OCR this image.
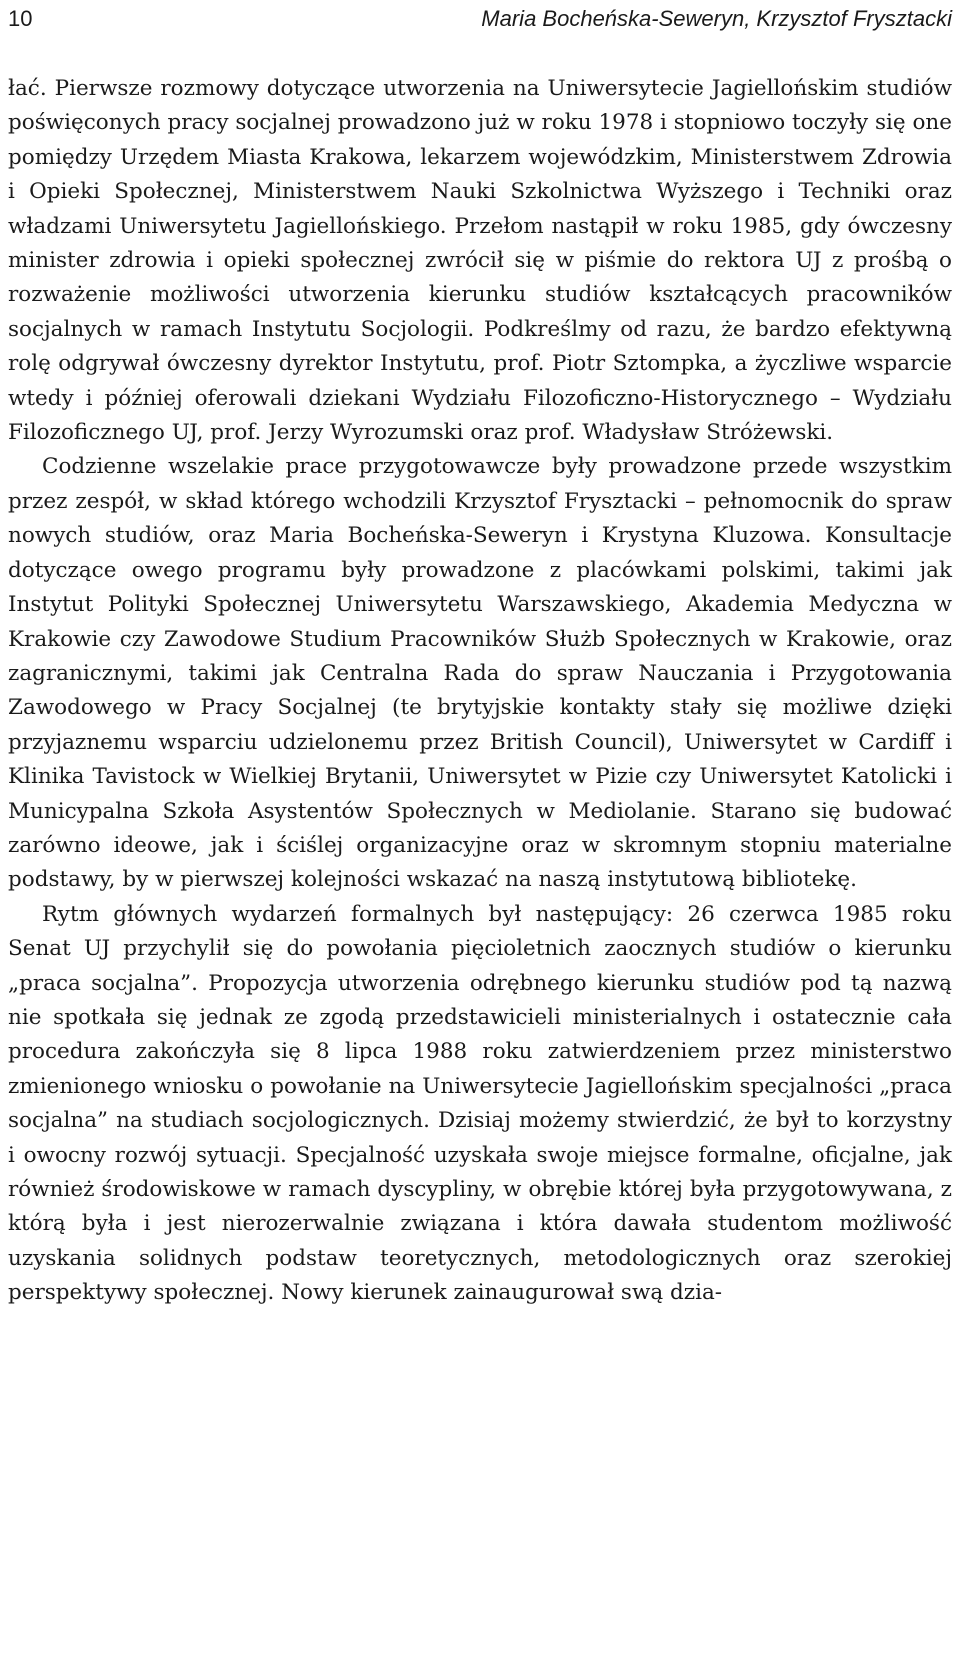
10	Maria Bocheńska-Seweryn, Krzysztof Frysztacki

łać. Pierwsze rozmowy dotyczące utworzenia na Uniwersytecie Jagiellońskim studiów poświęconych pracy socjalnej prowadzono już w roku 1978 i stopniowo toczyły się one pomiędzy Urzędem Miasta Krakowa, lekarzem wojewódzkim, Ministerstwem Zdrowia i Opieki Społecznej, Ministerstwem Nauki Szkolnictwa Wyższego i Techniki oraz władzami Uniwersytetu Jagiellońskiego. Przełom nastąpił w roku 1985, gdy ówczesny minister zdrowia i opieki społecznej zwrócił się w piśmie do rektora UJ z prośbą o rozważenie możliwości utworzenia kierunku studiów kształcących pracowników socjalnych w ramach Instytutu Socjologii. Podkreślmy od razu, że bardzo efektywną rolę odgrywał ówczesny dyrektor Instytutu, prof. Piotr Sztompka, a życzliwe wsparcie wtedy i później oferowali dziekani Wydziału Filozoficzno-Historycznego – Wydziału Filozoficznego UJ, prof. Jerzy Wyrozumski oraz prof. Władysław Stróżewski.

Codzienne wszelakie prace przygotowawcze były prowadzone przede wszystkim przez zespół, w skład którego wchodzili Krzysztof Frysztacki – pełnomocnik do spraw nowych studiów, oraz Maria Bocheńska-Seweryn i Krystyna Kluzowa. Konsultacje dotyczące owego programu były prowadzone z placówkami polskimi, takimi jak Instytut Polityki Społecznej Uniwersytetu Warszawskiego, Akademia Medyczna w Krakowie czy Zawodowe Studium Pracowników Służb Społecznych w Krakowie, oraz zagranicznymi, takimi jak Centralna Rada do spraw Nauczania i Przygotowania Zawodowego w Pracy Socjalnej (te brytyjskie kontakty stały się możliwe dzięki przyjaznemu wsparciu udzielonemu przez British Council), Uniwersytet w Cardiff i Klinika Tavistock w Wielkiej Brytanii, Uniwersytet w Pizie czy Uniwersytet Katolicki i Municypalna Szkoła Asystentów Społecznych w Mediolanie. Starano się budować zarówno ideowe, jak i ściślej organizacyjne oraz w skromnym stopniu materialne podstawy, by w pierwszej kolejności wskazać na naszą instytutową bibliotekę.

Rytm głównych wydarzeń formalnych był następujący: 26 czerwca 1985 roku Senat UJ przychylił się do powołania pięcioletnich zaocznych studiów o kierunku „praca socjalna”. Propozycja utworzenia odrębnego kierunku studiów pod tą nazwą nie spotkała się jednak ze zgodą przedstawicieli ministerialnych i ostatecznie cała procedura zakończyła się 8 lipca 1988 roku zatwierdzeniem przez ministerstwo zmienionego wniosku o powołanie na Uniwersytecie Jagiellońskim specjalności „praca socjalna” na studiach socjologicznych. Dzisiaj możemy stwierdzić, że był to korzystny i owocny rozwój sytuacji. Specjalność uzyskała swoje miejsce formalne, oficjalne, jak również środowiskowe w ramach dyscypliny, w obrębie której była przygotowywana, z którą była i jest nierozerwalnie związana i która dawała studentom możliwość uzyskania solidnych podstaw teoretycznych, metodologicznych oraz szerokiej perspektywy społecznej. Nowy kierunek zainaugurował swą dzia-
